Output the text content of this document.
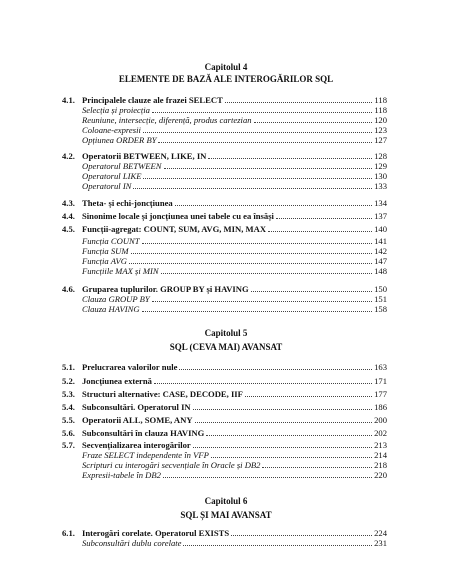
Capitolul 4
ELEMENTE DE BAZĂ ALE INTEROGĂRILOR SQL
4.1. Principalele clauze ale frazei SELECT	118
Selecția și proiecția	118
Reuniune, intersecție, diferență, produs cartezian	120
Coloane-expresii	123
Opțiunea ORDER BY	127
4.2. Operatorii BETWEEN, LIKE, IN	128
Operatorul BETWEEN	129
Operatorul LIKE	130
Operatorul IN	133
4.3. Theta- și echi-joncțiunea	134
4.4. Sinonime locale și joncțiunea unei tabele cu ea însăși	137
4.5. Funcții-agregat: COUNT, SUM, AVG, MIN, MAX	140
Funcția COUNT	141
Funcția SUM	142
Funcția AVG	147
Funcțiile MAX și MIN	148
4.6. Gruparea tuplurilor. GROUP BY și HAVING	150
Clauza GROUP BY	151
Clauza HAVING	158
Capitolul 5
SQL (CEVA MAI) AVANSAT
5.1. Prelucrarea valorilor nule	163
5.2. Joncțiunea externă	171
5.3. Structuri alternative: CASE, DECODE, IIF	177
5.4. Subconsultări. Operatorul IN	186
5.5. Operatorii ALL, SOME, ANY	200
5.6. Subconsultări în clauza HAVING	202
5.7. Secvențializarea interogărilor	213
Fraze SELECT independente în VFP	214
Scripturi cu interogări secvențiale în Oracle și DB2	218
Expresii-tabele în DB2	220
Capitolul 6
SQL ȘI MAI AVANSAT
6.1. Interogări corelate. Operatorul EXISTS	224
Subconsultări dublu corelate	231
